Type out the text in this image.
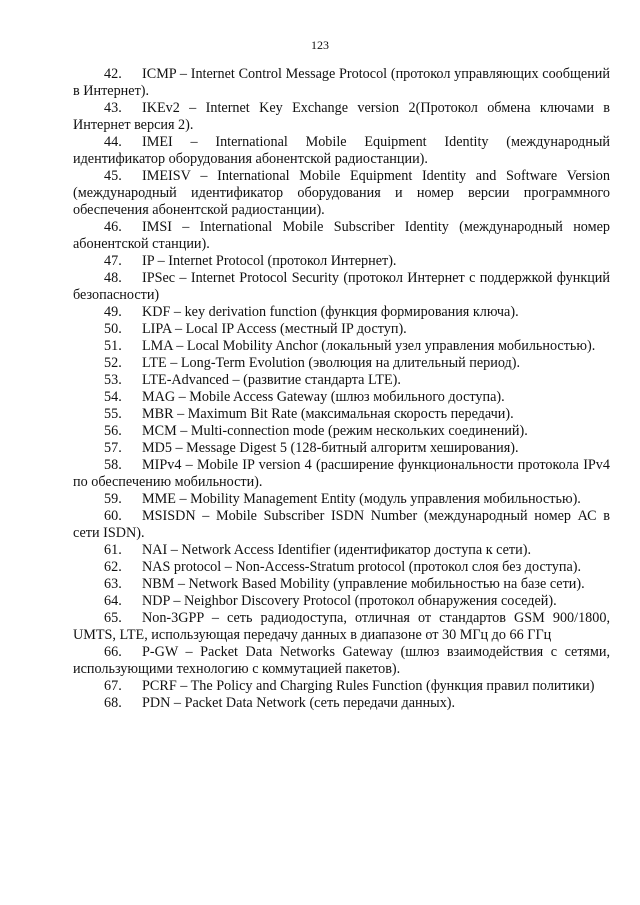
123

42. ICMP – Internet Control Message Protocol (протокол управляющих сообщений в Интернет).

43. IKEv2 – Internet Key Exchange version 2(Протокол обмена ключами в Интернет версия 2).

44. IMEI – International Mobile Equipment Identity (международный идентификатор оборудования абонентской радиостанции).

45. IMEISV – International Mobile Equipment Identity and Software Version (международный идентификатор оборудования и номер версии программного обеспечения абонентской радиостанции).

46. IMSI – International Mobile Subscriber Identity (международный номер абонентской станции).

47. IP – Internet Protocol (протокол Интернет).

48. IPSec – Internet Protocol Security (протокол Интернет с поддержкой функций безопасности)

49. KDF – key derivation function (функция формирования ключа).

50. LIPA – Local IP Access (местный IP доступ).

51. LMA – Local Mobility Anchor (локальный узел управления мобильностью).

52. LTE – Long-Term Evolution (эволюция на длительный период).

53. LTE-Advanced – (развитие стандарта LTE).

54. MAG – Mobile Access Gateway (шлюз мобильного доступа).

55. MBR – Maximum Bit Rate (максимальная скорость передачи).

56. MCM – Multi-connection mode (режим нескольких соединений).

57. MD5 – Message Digest 5 (128-битный алгоритм хеширования).

58. MIPv4 – Mobile IP version 4 (расширение функциональности протокола IPv4 по обеспечению мобильности).

59. MME – Mobility Management Entity (модуль управления мобильностью).

60. MSISDN – Mobile Subscriber ISDN Number (международный номер АС в сети ISDN).

61. NAI – Network Access Identifier (идентификатор доступа к сети).

62. NAS protocol – Non-Access-Stratum protocol (протокол слоя без доступа).

63. NBM – Network Based Mobility (управление мобильностью на базе сети).

64. NDP – Neighbor Discovery Protocol (протокол обнаружения соседей).

65. Non-3GPP – сеть радиодоступа, отличная от стандартов GSM 900/1800, UMTS, LTE, использующая передачу данных в диапазоне от 30 МГц до 66 ГГц

66. P-GW – Packet Data Networks Gateway (шлюз взаимодействия с сетями, использующими технологию с коммутацией пакетов).

67. PCRF – The Policy and Charging Rules Function (функция правил политики)

68. PDN – Packet Data Network (сеть передачи данных).
